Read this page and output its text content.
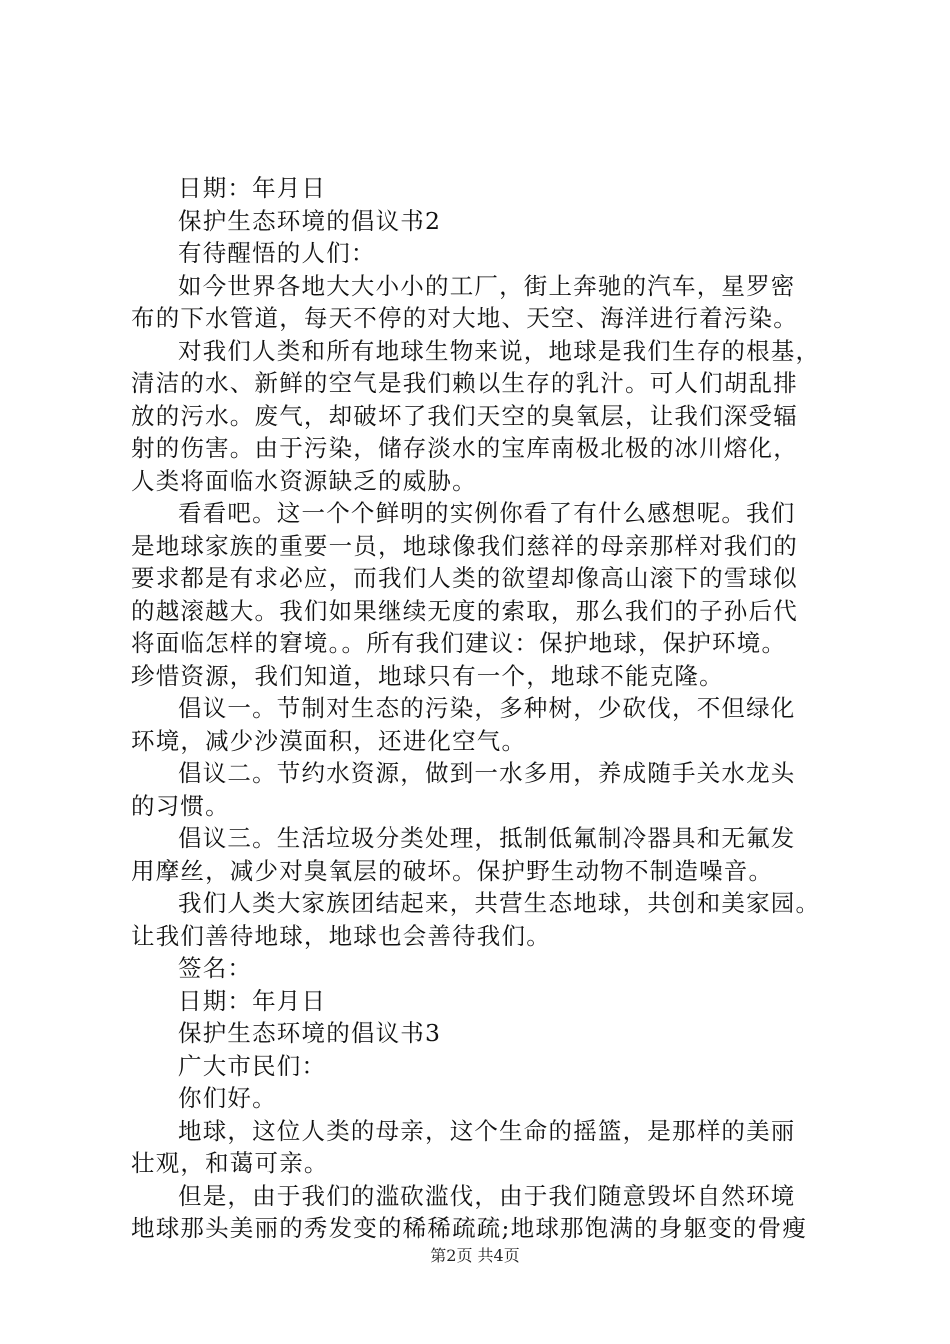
日期：年月日

保护生态环境的倡议书2

有待醒悟的人们：

如今世界各地大大小小的工厂，街上奔驰的汽车，星罗密

布的下水管道，每天不停的对大地、天空、海洋进行着污染。

对我们人类和所有地球生物来说，地球是我们生存的根基，

清洁的水、新鲜的空气是我们赖以生存的乳汁。可人们胡乱排

放的污水。废气，却破坏了我们天空的臭氧层，让我们深受辐

射的伤害。由于污染，储存淡水的宝库南极北极的冰川熔化，

人类将面临水资源缺乏的威胁。

看看吧。这一个个鲜明的实例你看了有什么感想呢。我们

是地球家族的重要一员，地球像我们慈祥的母亲那样对我们的

要求都是有求必应，而我们人类的欲望却像高山滚下的雪球似

的越滚越大。我们如果继续无度的索取，那么我们的子孙后代

将面临怎样的窘境。。所有我们建议：保护地球，保护环境。

珍惜资源，我们知道，地球只有一个，地球不能克隆。

倡议一。节制对生态的污染，多种树，少砍伐，不但绿化

环境，减少沙漠面积，还进化空气。

倡议二。节约水资源，做到一水多用，养成随手关水龙头

的习惯。

倡议三。生活垃圾分类处理，抵制低氟制冷器具和无氟发

用摩丝，减少对臭氧层的破坏。保护野生动物不制造噪音。

我们人类大家族团结起来，共营生态地球，共创和美家园。

让我们善待地球，地球也会善待我们。

签名：

日期：年月日

保护生态环境的倡议书3

广大市民们：

你们好。

地球，这位人类的母亲，这个生命的摇篮，是那样的美丽

壮观，和蔼可亲。

但是，由于我们的滥砍滥伐，由于我们随意毁坏自然环境

地球那头美丽的秀发变的稀稀疏疏;地球那饱满的身躯变的骨瘦

第2页 共4页
